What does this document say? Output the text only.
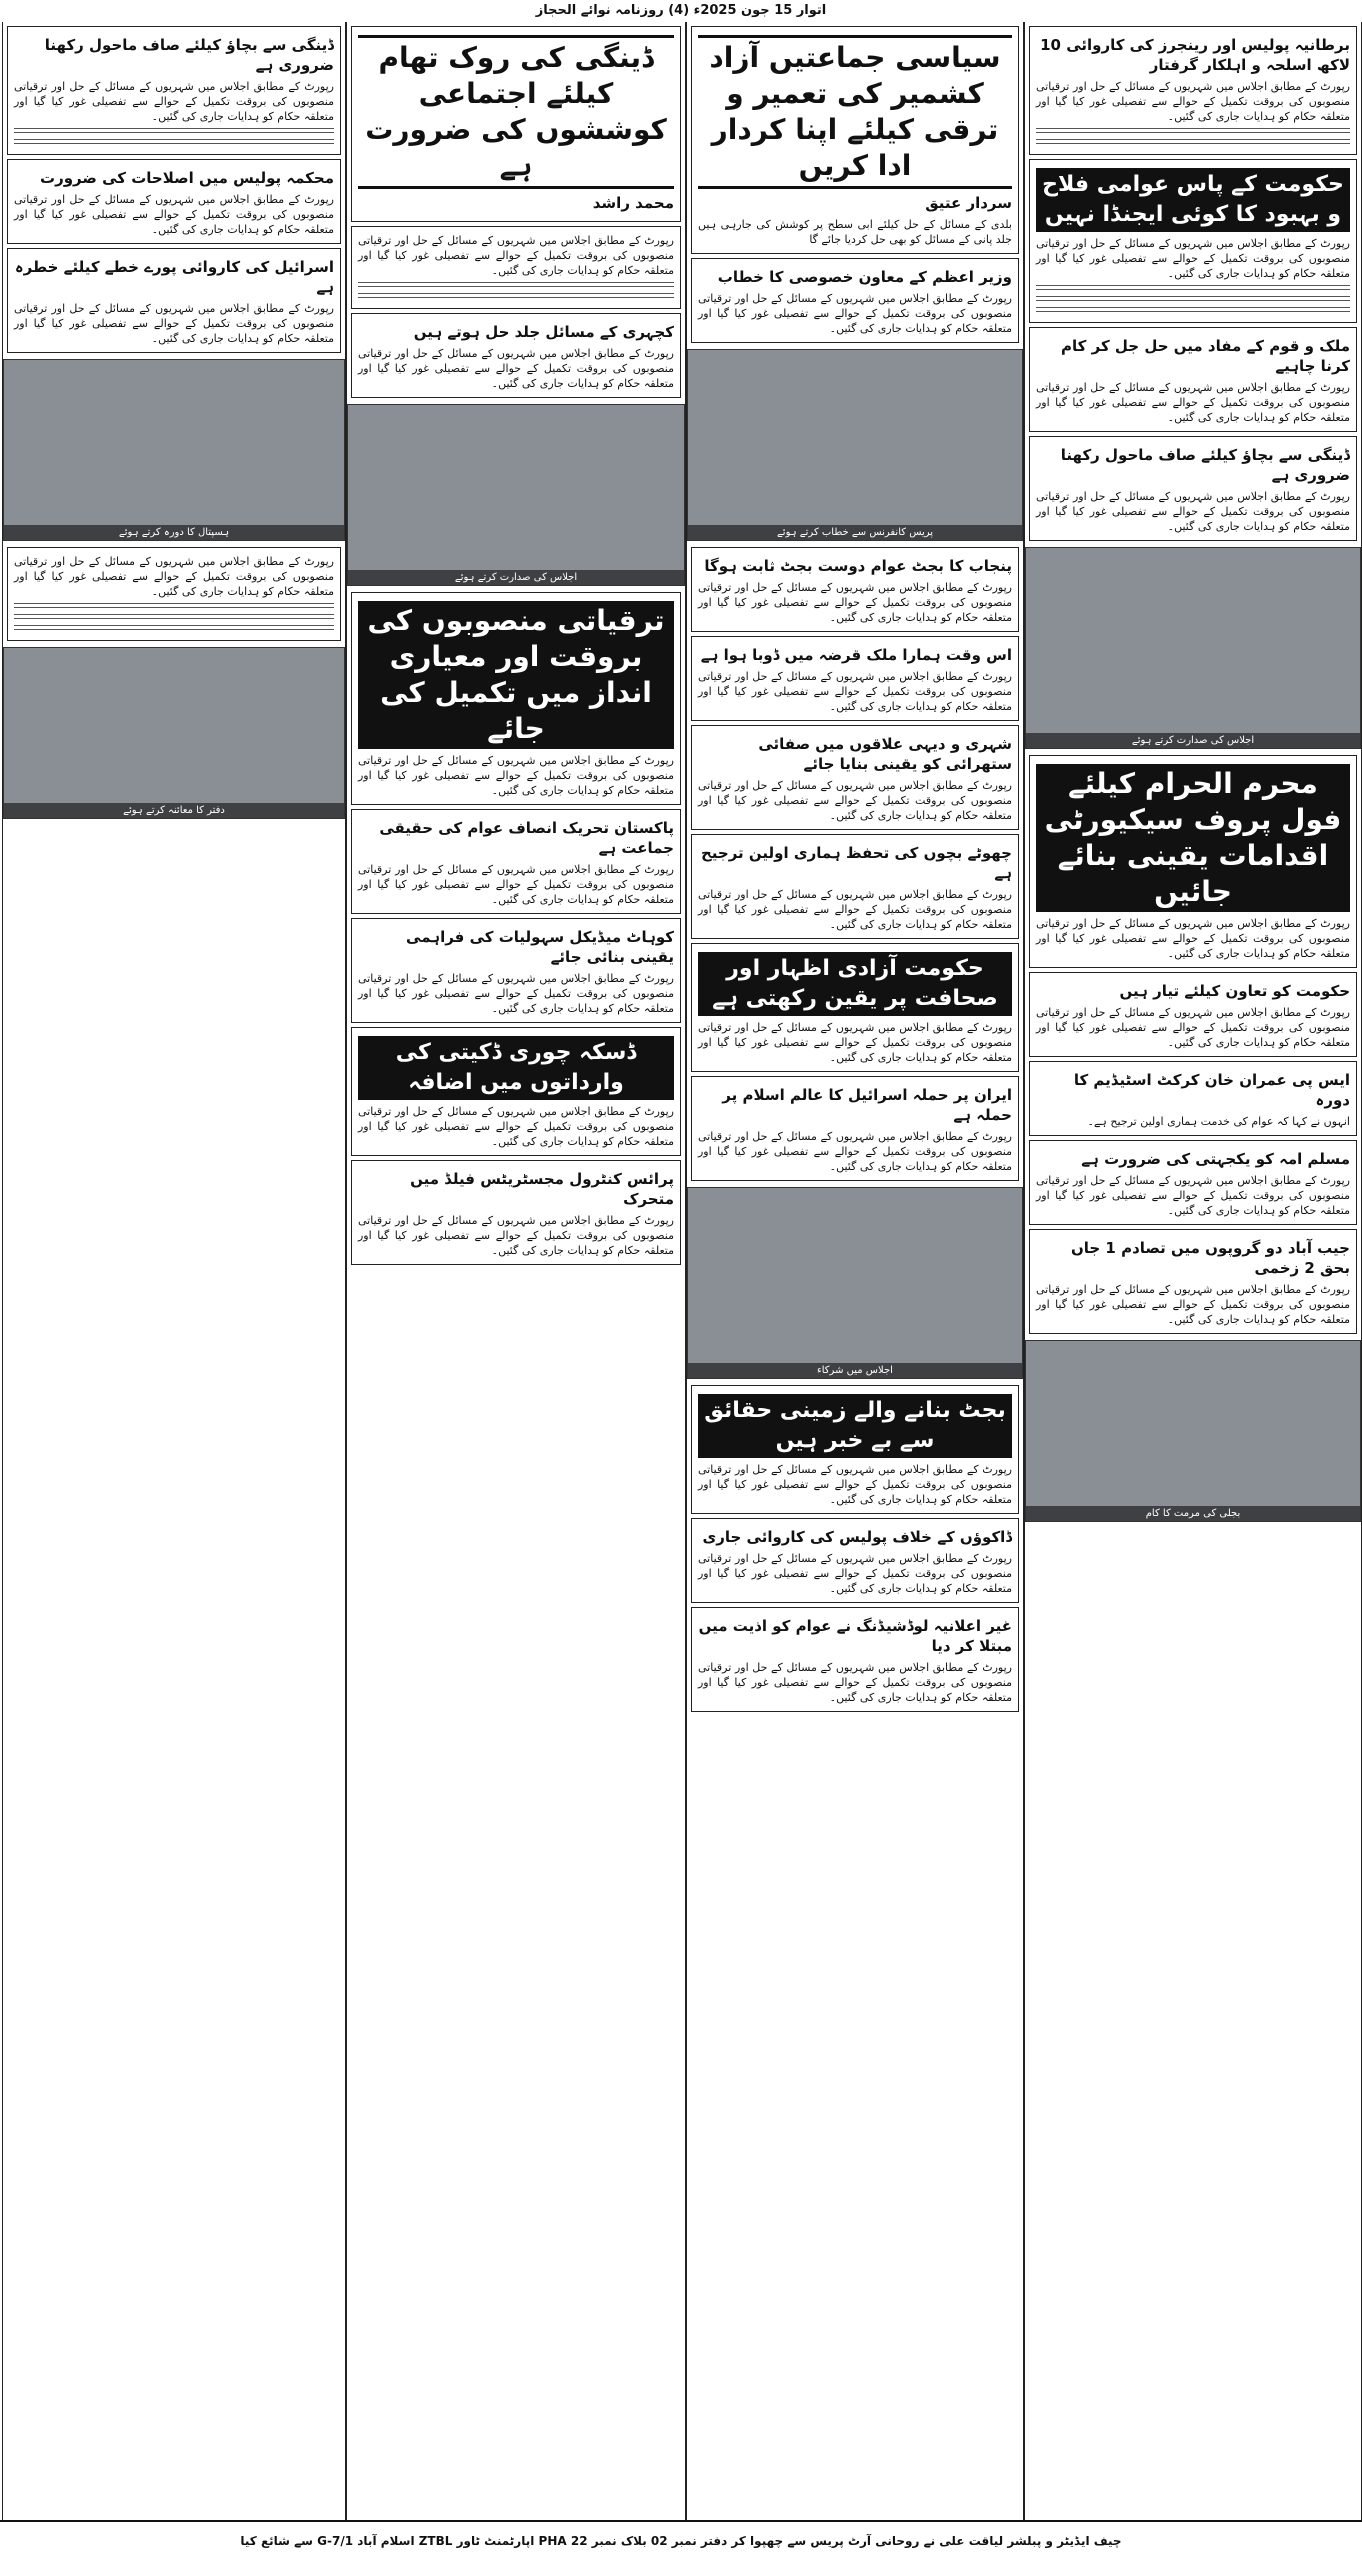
اتوار 15 جون 2025ء (4) روزنامہ نوائے الحجاز
برطانیہ پولیس اور رینجرز کی کاروائی 10 لاکھ اسلحہ و اہلکار گرفتار
رپورٹ کے مطابق اجلاس میں شہریوں کے مسائل کے حل اور ترقیاتی منصوبوں کی بروقت تکمیل کے حوالے سے تفصیلی غور کیا گیا اور متعلقہ حکام کو ہدایات جاری کی گئیں۔
حکومت کے پاس عوامی فلاح و بہبود کا کوئی ایجنڈا نہیں
رپورٹ کے مطابق اجلاس میں شہریوں کے مسائل کے حل اور ترقیاتی منصوبوں کی بروقت تکمیل کے حوالے سے تفصیلی غور کیا گیا اور متعلقہ حکام کو ہدایات جاری کی گئیں۔
ملک و قوم کے مفاد میں حل جل کر کام کرنا چاہیے
رپورٹ کے مطابق اجلاس میں شہریوں کے مسائل کے حل اور ترقیاتی منصوبوں کی بروقت تکمیل کے حوالے سے تفصیلی غور کیا گیا اور متعلقہ حکام کو ہدایات جاری کی گئیں۔
ڈینگی سے بچاؤ کیلئے صاف ماحول رکھنا ضروری ہے
رپورٹ کے مطابق اجلاس میں شہریوں کے مسائل کے حل اور ترقیاتی منصوبوں کی بروقت تکمیل کے حوالے سے تفصیلی غور کیا گیا اور متعلقہ حکام کو ہدایات جاری کی گئیں۔
اجلاس کی صدارت کرتے ہوئے
محرم الحرام کیلئے فول پروف سیکیورٹی اقدامات یقینی بنائے جائیں
رپورٹ کے مطابق اجلاس میں شہریوں کے مسائل کے حل اور ترقیاتی منصوبوں کی بروقت تکمیل کے حوالے سے تفصیلی غور کیا گیا اور متعلقہ حکام کو ہدایات جاری کی گئیں۔
حکومت کو تعاون کیلئے تیار ہیں
رپورٹ کے مطابق اجلاس میں شہریوں کے مسائل کے حل اور ترقیاتی منصوبوں کی بروقت تکمیل کے حوالے سے تفصیلی غور کیا گیا اور متعلقہ حکام کو ہدایات جاری کی گئیں۔
ایس پی عمران خان کرکٹ اسٹیڈیم کا دورہ
انہوں نے کہا کہ عوام کی خدمت ہماری اولین ترجیح ہے۔
مسلم امہ کو یکجہتی کی ضرورت ہے
رپورٹ کے مطابق اجلاس میں شہریوں کے مسائل کے حل اور ترقیاتی منصوبوں کی بروقت تکمیل کے حوالے سے تفصیلی غور کیا گیا اور متعلقہ حکام کو ہدایات جاری کی گئیں۔
جیب آباد دو گروپوں میں تصادم 1 جاں بحق 2 زخمی
رپورٹ کے مطابق اجلاس میں شہریوں کے مسائل کے حل اور ترقیاتی منصوبوں کی بروقت تکمیل کے حوالے سے تفصیلی غور کیا گیا اور متعلقہ حکام کو ہدایات جاری کی گئیں۔
بجلی کی مرمت کا کام
سیاسی جماعتیں آزاد کشمیر کی تعمیر و ترقی کیلئے اپنا کردار ادا کریں
سردار عتیق
بلدی کے مسائل کے حل کیلئے ابی سطح پر کوشش کی جارہی ہیں جلد پانی کے مسائل کو بھی حل کردیا جائے گا
وزیر اعظم کے معاون خصوصی کا خطاب
رپورٹ کے مطابق اجلاس میں شہریوں کے مسائل کے حل اور ترقیاتی منصوبوں کی بروقت تکمیل کے حوالے سے تفصیلی غور کیا گیا اور متعلقہ حکام کو ہدایات جاری کی گئیں۔
پریس کانفرنس سے خطاب کرتے ہوئے
پنجاب کا بجٹ عوام دوست بجٹ ثابت ہوگا
رپورٹ کے مطابق اجلاس میں شہریوں کے مسائل کے حل اور ترقیاتی منصوبوں کی بروقت تکمیل کے حوالے سے تفصیلی غور کیا گیا اور متعلقہ حکام کو ہدایات جاری کی گئیں۔
اس وقت ہمارا ملک قرضہ میں ڈوبا ہوا ہے
رپورٹ کے مطابق اجلاس میں شہریوں کے مسائل کے حل اور ترقیاتی منصوبوں کی بروقت تکمیل کے حوالے سے تفصیلی غور کیا گیا اور متعلقہ حکام کو ہدایات جاری کی گئیں۔
شہری و دیہی علاقوں میں صفائی ستھرائی کو یقینی بنایا جائے
رپورٹ کے مطابق اجلاس میں شہریوں کے مسائل کے حل اور ترقیاتی منصوبوں کی بروقت تکمیل کے حوالے سے تفصیلی غور کیا گیا اور متعلقہ حکام کو ہدایات جاری کی گئیں۔
چھوٹے بچوں کی تحفظ ہماری اولین ترجیح ہے
رپورٹ کے مطابق اجلاس میں شہریوں کے مسائل کے حل اور ترقیاتی منصوبوں کی بروقت تکمیل کے حوالے سے تفصیلی غور کیا گیا اور متعلقہ حکام کو ہدایات جاری کی گئیں۔
حکومت آزادی اظہار اور صحافت پر یقین رکھتی ہے
رپورٹ کے مطابق اجلاس میں شہریوں کے مسائل کے حل اور ترقیاتی منصوبوں کی بروقت تکمیل کے حوالے سے تفصیلی غور کیا گیا اور متعلقہ حکام کو ہدایات جاری کی گئیں۔
ایران پر حملہ اسرائیل کا عالم اسلام پر حملہ ہے
رپورٹ کے مطابق اجلاس میں شہریوں کے مسائل کے حل اور ترقیاتی منصوبوں کی بروقت تکمیل کے حوالے سے تفصیلی غور کیا گیا اور متعلقہ حکام کو ہدایات جاری کی گئیں۔
اجلاس میں شرکاء
بجٹ بنانے والے زمینی حقائق سے بے خبر ہیں
رپورٹ کے مطابق اجلاس میں شہریوں کے مسائل کے حل اور ترقیاتی منصوبوں کی بروقت تکمیل کے حوالے سے تفصیلی غور کیا گیا اور متعلقہ حکام کو ہدایات جاری کی گئیں۔
ڈاکوؤں کے خلاف پولیس کی کاروائی جاری
رپورٹ کے مطابق اجلاس میں شہریوں کے مسائل کے حل اور ترقیاتی منصوبوں کی بروقت تکمیل کے حوالے سے تفصیلی غور کیا گیا اور متعلقہ حکام کو ہدایات جاری کی گئیں۔
غیر اعلانیہ لوڈشیڈنگ نے عوام کو اذیت میں مبتلا کر دیا
رپورٹ کے مطابق اجلاس میں شہریوں کے مسائل کے حل اور ترقیاتی منصوبوں کی بروقت تکمیل کے حوالے سے تفصیلی غور کیا گیا اور متعلقہ حکام کو ہدایات جاری کی گئیں۔
ڈینگی کی روک تھام کیلئے اجتماعی کوششوں کی ضرورت ہے
محمد راشد
رپورٹ کے مطابق اجلاس میں شہریوں کے مسائل کے حل اور ترقیاتی منصوبوں کی بروقت تکمیل کے حوالے سے تفصیلی غور کیا گیا اور متعلقہ حکام کو ہدایات جاری کی گئیں۔
کچہری کے مسائل جلد حل ہوتے ہیں
رپورٹ کے مطابق اجلاس میں شہریوں کے مسائل کے حل اور ترقیاتی منصوبوں کی بروقت تکمیل کے حوالے سے تفصیلی غور کیا گیا اور متعلقہ حکام کو ہدایات جاری کی گئیں۔
اجلاس کی صدارت کرتے ہوئے
ترقیاتی منصوبوں کی بروقت اور معیاری انداز میں تکمیل کی جائے
رپورٹ کے مطابق اجلاس میں شہریوں کے مسائل کے حل اور ترقیاتی منصوبوں کی بروقت تکمیل کے حوالے سے تفصیلی غور کیا گیا اور متعلقہ حکام کو ہدایات جاری کی گئیں۔
پاکستان تحریک انصاف عوام کی حقیقی جماعت ہے
رپورٹ کے مطابق اجلاس میں شہریوں کے مسائل کے حل اور ترقیاتی منصوبوں کی بروقت تکمیل کے حوالے سے تفصیلی غور کیا گیا اور متعلقہ حکام کو ہدایات جاری کی گئیں۔
کوہاٹ میڈیکل سہولیات کی فراہمی یقینی بنائی جائے
رپورٹ کے مطابق اجلاس میں شہریوں کے مسائل کے حل اور ترقیاتی منصوبوں کی بروقت تکمیل کے حوالے سے تفصیلی غور کیا گیا اور متعلقہ حکام کو ہدایات جاری کی گئیں۔
ڈسکہ چوری ڈکیتی کی وارداتوں میں اضافہ
رپورٹ کے مطابق اجلاس میں شہریوں کے مسائل کے حل اور ترقیاتی منصوبوں کی بروقت تکمیل کے حوالے سے تفصیلی غور کیا گیا اور متعلقہ حکام کو ہدایات جاری کی گئیں۔
پرائس کنٹرول مجسٹریٹس فیلڈ میں متحرک
رپورٹ کے مطابق اجلاس میں شہریوں کے مسائل کے حل اور ترقیاتی منصوبوں کی بروقت تکمیل کے حوالے سے تفصیلی غور کیا گیا اور متعلقہ حکام کو ہدایات جاری کی گئیں۔
ڈینگی سے بچاؤ کیلئے صاف ماحول رکھنا ضروری ہے
رپورٹ کے مطابق اجلاس میں شہریوں کے مسائل کے حل اور ترقیاتی منصوبوں کی بروقت تکمیل کے حوالے سے تفصیلی غور کیا گیا اور متعلقہ حکام کو ہدایات جاری کی گئیں۔
محکمہ پولیس میں اصلاحات کی ضرورت
رپورٹ کے مطابق اجلاس میں شہریوں کے مسائل کے حل اور ترقیاتی منصوبوں کی بروقت تکمیل کے حوالے سے تفصیلی غور کیا گیا اور متعلقہ حکام کو ہدایات جاری کی گئیں۔
اسرائیل کی کاروائی پورے خطے کیلئے خطرہ ہے
رپورٹ کے مطابق اجلاس میں شہریوں کے مسائل کے حل اور ترقیاتی منصوبوں کی بروقت تکمیل کے حوالے سے تفصیلی غور کیا گیا اور متعلقہ حکام کو ہدایات جاری کی گئیں۔
ہسپتال کا دورہ کرتے ہوئے
رپورٹ کے مطابق اجلاس میں شہریوں کے مسائل کے حل اور ترقیاتی منصوبوں کی بروقت تکمیل کے حوالے سے تفصیلی غور کیا گیا اور متعلقہ حکام کو ہدایات جاری کی گئیں۔
دفتر کا معائنہ کرتے ہوئے
چیف ایڈیٹر و پبلشر لیاقت علی نے روحانی آرٹ پریس سے چھپوا کر دفتر نمبر 02 بلاک نمبر 22 PHA اپارٹمنٹ ٹاور ZTBL اسلام آباد G-7/1 سے شائع کیا
